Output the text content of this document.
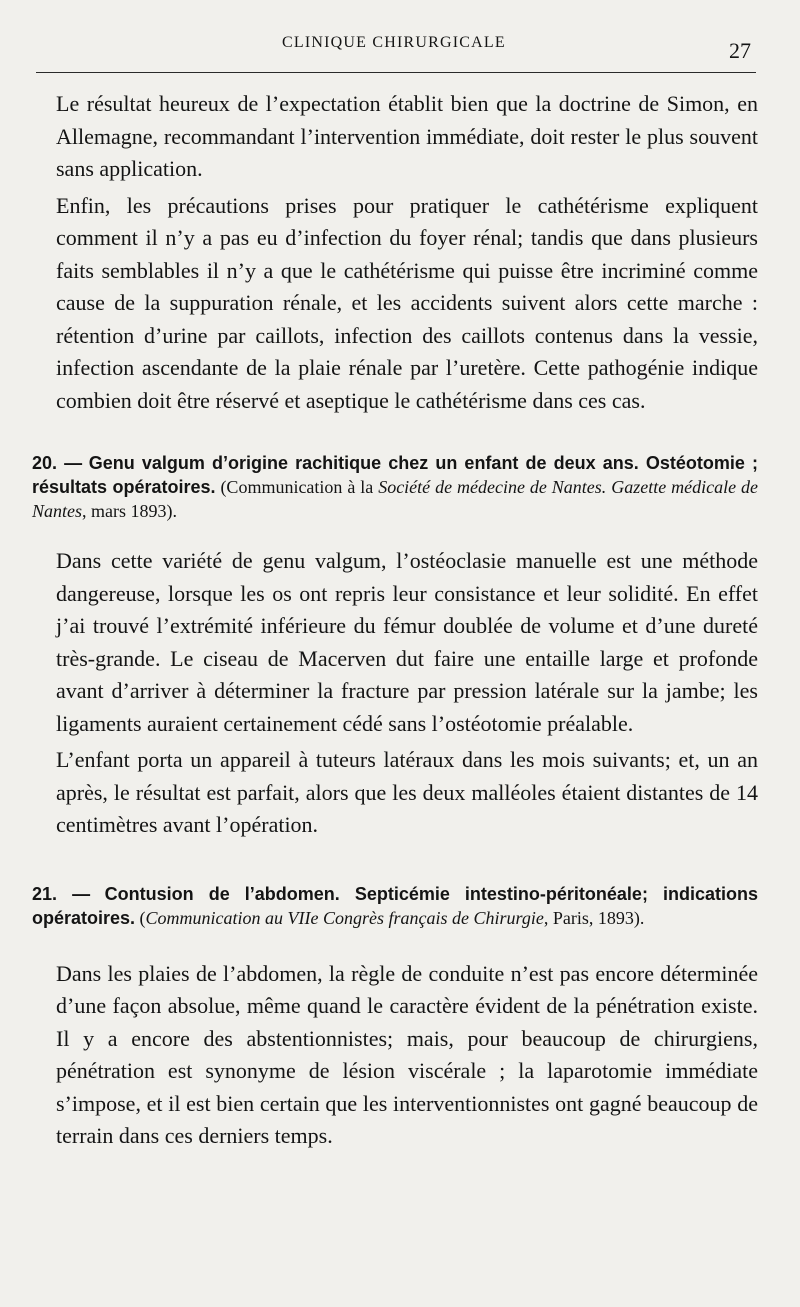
CLINIQUE CHIRURGICALE	27

Le résultat heureux de l’expectation établit bien que la doctrine de Simon, en Allemagne, recommandant l’intervention immédiate, doit rester le plus souvent sans application.

Enfin, les précautions prises pour pratiquer le cathétérisme expliquent comment il n’y a pas eu d’infection du foyer rénal; tandis que dans plusieurs faits semblables il n’y a que le cathétérisme qui puisse être incriminé comme cause de la suppuration rénale, et les accidents suivent alors cette marche : rétention d’urine par caillots, infection des caillots contenus dans la vessie, infection ascendante de la plaie rénale par l’uretère. Cette pathogénie indique combien doit être réservé et aseptique le cathétérisme dans ces cas.

20. — Genu valgum d’origine rachitique chez un enfant de deux ans. Ostéotomie ; résultats opératoires. (Communication à la Société de médecine de Nantes. Gazette médicale de Nantes, mars 1893).

Dans cette variété de genu valgum, l’ostéoclasie manuelle est une méthode dangereuse, lorsque les os ont repris leur consistance et leur solidité. En effet j’ai trouvé l’extrémité inférieure du fémur doublée de volume et d’une dureté très-grande. Le ciseau de Macerven dut faire une entaille large et profonde avant d’arriver à déterminer la fracture par pression latérale sur la jambe; les ligaments auraient certainement cédé sans l’ostéotomie préalable.

L’enfant porta un appareil à tuteurs latéraux dans les mois suivants; et, un an après, le résultat est parfait, alors que les deux malléoles étaient distantes de 14 centimètres avant l’opération.

21. — Contusion de l’abdomen. Septicémie intestino-péritonéale; indications opératoires. (Communication au VIIe Congrès français de Chirurgie, Paris, 1893).

Dans les plaies de l’abdomen, la règle de conduite n’est pas encore déterminée d’une façon absolue, même quand le caractère évident de la pénétration existe. Il y a encore des abstentionnistes; mais, pour beaucoup de chirurgiens, pénétration est synonyme de lésion viscérale ; la laparotomie immédiate s’impose, et il est bien certain que les interventionnistes ont gagné beaucoup de terrain dans ces derniers temps.
